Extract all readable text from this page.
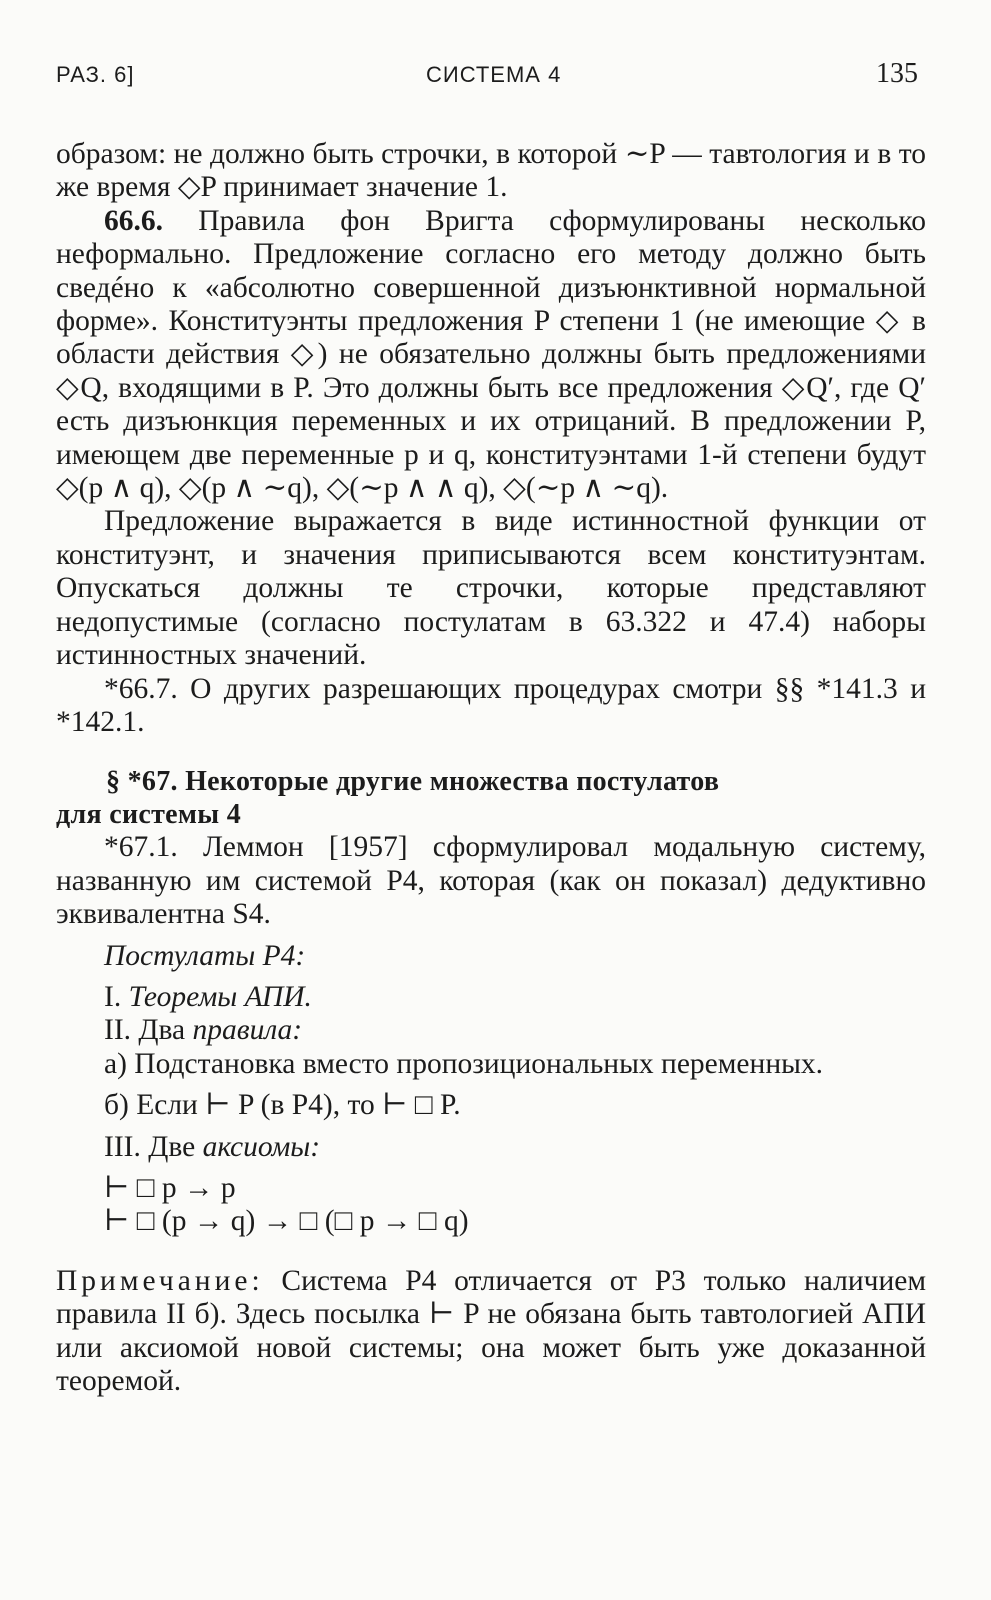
РАЗ. 6]	СИСТЕМА 4	135

образом: не должно быть строчки, в которой ∼P — тавтология и в то же время ◇P принимает значение 1.

66.6. Правила фон Вригта сформулированы несколько неформально. Предложение согласно его методу должно быть сведéно к «абсолютно совершенной дизъюнктивной нормальной форме». Конституэнты предложения P степени 1 (не имеющие ◇ в области действия ◇) не обязательно должны быть предложениями ◇Q, входящими в P. Это должны быть все предложения ◇Q′, где Q′ есть дизъюнкция переменных и их отрицаний. В предложении P, имеющем две переменные p и q, конституэнтами 1-й степени будут ◇(p ∧ q), ◇(p ∧ ∼q), ◇(∼p ∧ ∧ q), ◇(∼p ∧ ∼q).

Предложение выражается в виде истинностной функции от конституэнт, и значения приписываются всем конституэнтам. Опускаться должны те строчки, которые представляют недопустимые (согласно постулатам в 63.322 и 47.4) наборы истинностных значений.

*66.7. О других разрешающих процедурах смотри §§ *141.3 и *142.1.

§ *67. Некоторые другие множества постулатов
для системы 4

*67.1. Леммон [1957] сформулировал модальную систему, названную им системой P4, которая (как он показал) дедуктивно эквивалентна S4.

Постулаты P4:

I. Теоремы АПИ.

II. Два правила:

а) Подстановка вместо пропозициональных переменных.

б) Если ⊢ P (в P4), то ⊢ □ P.

III. Две аксиомы:

⊢ □ p → p

⊢ □ (p → q) → □ (□ p → □ q)

Примечание: Система P4 отличается от P3 только наличием правила II б). Здесь посылка ⊢ P не обязана быть тавтологией АПИ или аксиомой новой системы; она может быть уже доказанной теоремой.
